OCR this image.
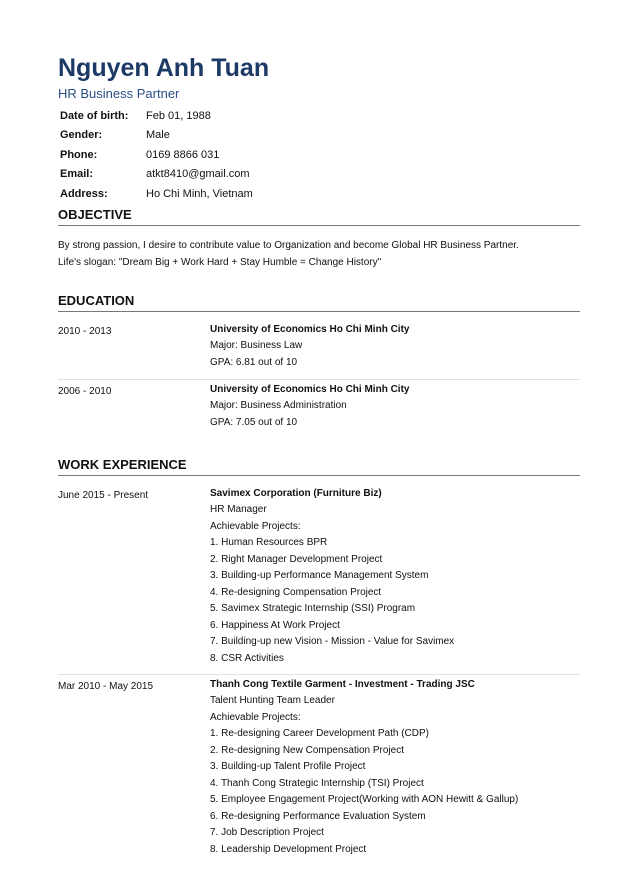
Nguyen Anh Tuan
HR Business Partner
Date of birth:	Feb 01, 1988
Gender:	Male
Phone:	0169 8866 031
Email:	atkt8410@gmail.com
Address:	Ho Chi Minh, Vietnam
OBJECTIVE
By strong passion, I desire to contribute value to Organization and become Global HR Business Partner.
Life's slogan: "Dream Big + Work Hard + Stay Humble = Change History"
EDUCATION
2010 - 2013	University of Economics Ho Chi Minh City
Major: Business Law
GPA: 6.81 out of 10
2006 - 2010	University of Economics Ho Chi Minh City
Major: Business Administration
GPA: 7.05 out of 10
WORK EXPERIENCE
June 2015 - Present	Savimex Corporation (Furniture Biz)
HR Manager
Achievable Projects:
1. Human Resources BPR
2. Right Manager Development Project
3. Building-up Performance Management System
4. Re-designing Compensation Project
5. Savimex Strategic Internship (SSI) Program
6. Happiness At Work Project
7. Building-up new Vision - Mission - Value for Savimex
8. CSR Activities
Mar 2010 - May 2015	Thanh Cong Textile Garment - Investment - Trading JSC
Talent Hunting Team Leader
Achievable Projects:
1. Re-designing Career Development Path (CDP)
2. Re-designing New Compensation Project
3. Building-up Talent Profile Project
4. Thanh Cong Strategic Internship (TSI) Project
5. Employee Engagement Project(Working with AON Hewitt & Gallup)
6. Re-designing Performance Evaluation System
7. Job Description Project
8. Leadership Development Project
